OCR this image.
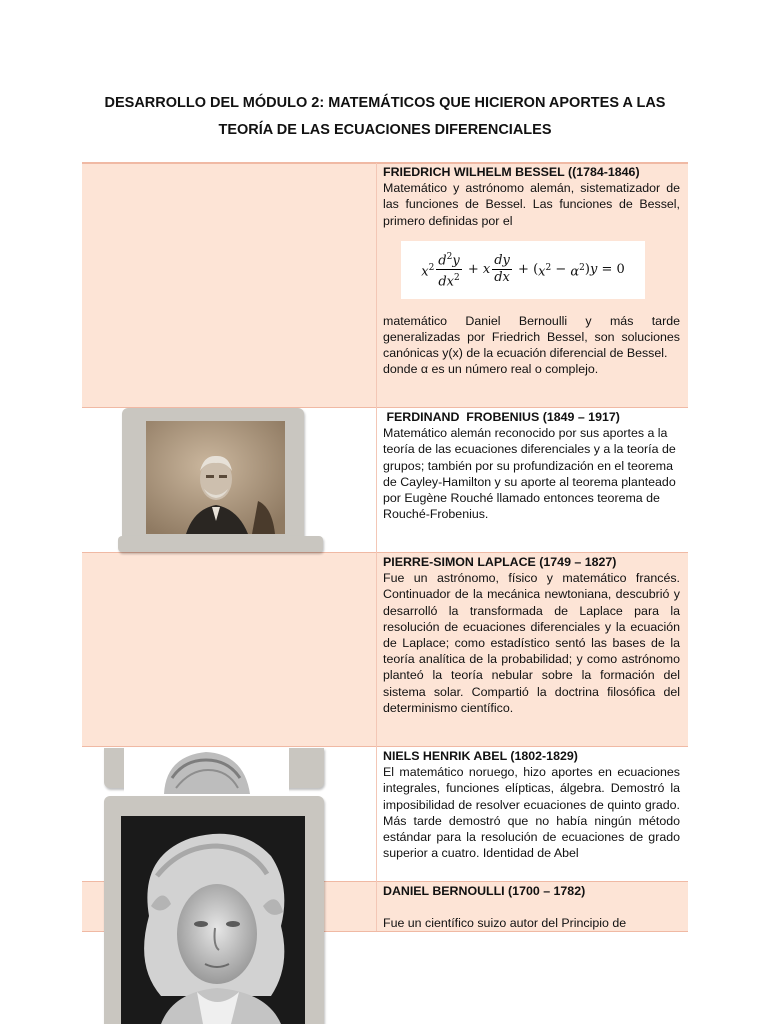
DESARROLLO DEL MÓDULO 2: MATEMÁTICOS QUE HICIERON APORTES A LAS
TEORÍA DE LAS ECUACIONES DIFERENCIALES

FRIEDRICH WILHELM BESSEL ((1784-1846)

Matemático y astrónomo alemán, sistematizador de las funciones de Bessel. Las funciones de Bessel, primero definidas por el

$x^2 \frac{d^2y}{dx^2} + x \frac{dy}{dx}$ + ( $x^2 - \alpha^2$ ) y = 0

matemático Daniel Bernoulli y más tarde generalizadas por Friedrich Bessel, son soluciones canónicas y(x) de la ecuación diferencial de Bessel.

donde α es un número real o complejo.

FERDINAND  FROBENIUS (1849 – 1917)

Matemático alemán reconocido por sus aportes a la teoría de las ecuaciones diferenciales y a la teoría de grupos; también por su profundización en el teorema de Cayley-Hamilton y su aporte al teorema planteado por Eugène Rouché llamado entonces teorema de Rouché-Frobenius.

PIERRE-SIMON LAPLACE (1749 – 1827)

Fue un astrónomo, físico y matemático francés. Continuador de la mecánica newtoniana, descubrió y desarrolló la transformada de Laplace para la resolución de ecuaciones diferenciales y la ecuación de Laplace; como estadístico sentó las bases de la teoría analítica de la probabilidad; y como astrónomo planteó la teoría nebular sobre la formación del sistema solar. Compartió la doctrina filosófica del determinismo científico.

NIELS HENRIK ABEL (1802-1829)

El matemático noruego, hizo aportes en ecuaciones integrales, funciones elípticas, álgebra. Demostró la imposibilidad de resolver ecuaciones de quinto grado. Más tarde demostró que no había ningún método estándar para la resolución de ecuaciones de grado superior a cuatro. Identidad de Abel

DANIEL BERNOULLI (1700 – 1782)

Fue un científico suizo autor del Principio de
